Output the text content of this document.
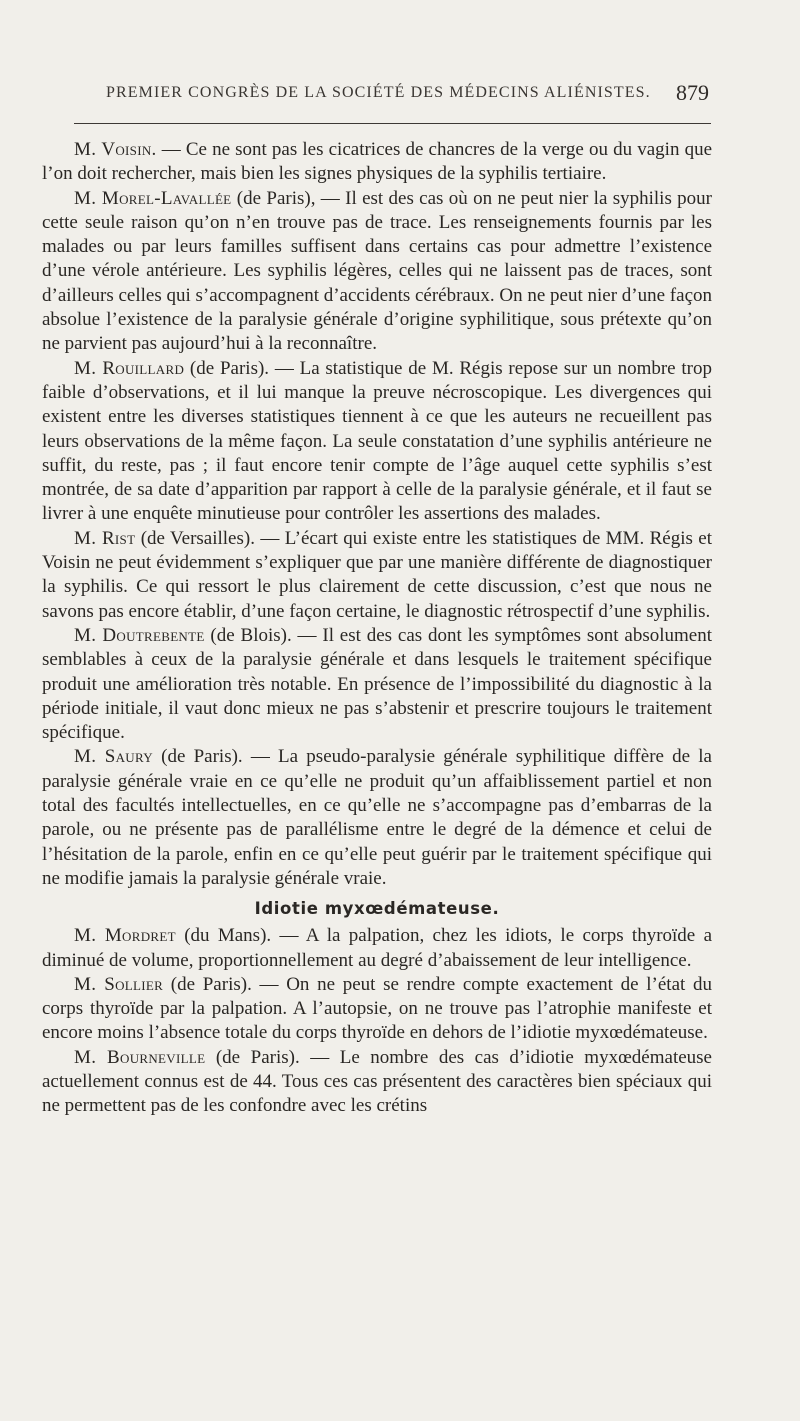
PREMIER CONGRÈS DE LA SOCIÉTÉ DES MÉDECINS ALIÉNISTES. 879

M. Voisin. — Ce ne sont pas les cicatrices de chancres de la verge ou du vagin que l’on doit rechercher, mais bien les signes physiques de la syphilis tertiaire.

M. Morel-Lavallée (de Paris), — Il est des cas où on ne peut nier la syphilis pour cette seule raison qu’on n’en trouve pas de trace. Les renseignements fournis par les malades ou par leurs familles suffisent dans certains cas pour admettre l’existence d’une vérole antérieure. Les syphilis légères, celles qui ne laissent pas de traces, sont d’ailleurs celles qui s’accompagnent d’accidents cérébraux. On ne peut nier d’une façon absolue l’existence de la paralysie générale d’origine syphilitique, sous prétexte qu’on ne parvient pas aujourd’hui à la reconnaître.

M. Rouillard (de Paris). — La statistique de M. Régis repose sur un nombre trop faible d’observations, et il lui manque la preuve nécroscopique. Les divergences qui existent entre les diverses statistiques tiennent à ce que les auteurs ne recueillent pas leurs observations de la même façon. La seule constatation d’une syphilis antérieure ne suffit, du reste, pas ; il faut encore tenir compte de l’âge auquel cette syphilis s’est montrée, de sa date d’apparition par rapport à celle de la paralysie générale, et il faut se livrer à une enquête minutieuse pour contrôler les assertions des malades.

M. Rist (de Versailles). — L’écart qui existe entre les statistiques de MM. Régis et Voisin ne peut évidemment s’expliquer que par une manière différente de diagnostiquer la syphilis. Ce qui ressort le plus clairement de cette discussion, c’est que nous ne savons pas encore établir, d’une façon certaine, le diagnostic rétrospectif d’une syphilis.

M. Doutrebente (de Blois). — Il est des cas dont les symptômes sont absolument semblables à ceux de la paralysie générale et dans lesquels le traitement spécifique produit une amélioration très notable. En présence de l’impossibilité du diagnostic à la période initiale, il vaut donc mieux ne pas s’abstenir et prescrire toujours le traitement spécifique.

M. Saury (de Paris). — La pseudo-paralysie générale syphilitique diffère de la paralysie générale vraie en ce qu’elle ne produit qu’un affaiblissement partiel et non total des facultés intellectuelles, en ce qu’elle ne s’accompagne pas d’embarras de la parole, ou ne présente pas de parallélisme entre le degré de la démence et celui de l’hésitation de la parole, enfin en ce qu’elle peut guérir par le traitement spécifique qui ne modifie jamais la paralysie générale vraie.

Idiotie myxœdémateuse.

M. Mordret (du Mans). — A la palpation, chez les idiots, le corps thyroïde a diminué de volume, proportionnellement au degré d’abaissement de leur intelligence.

M. Sollier (de Paris). — On ne peut se rendre compte exactement de l’état du corps thyroïde par la palpation. A l’autopsie, on ne trouve pas l’atrophie manifeste et encore moins l’absence totale du corps thyroïde en dehors de l’idiotie myxœdémateuse.

M. Bourneville (de Paris). — Le nombre des cas d’idiotie myxœdémateuse actuellement connus est de 44. Tous ces cas présentent des caractères bien spéciaux qui ne permettent pas de les confondre avec les crétins
